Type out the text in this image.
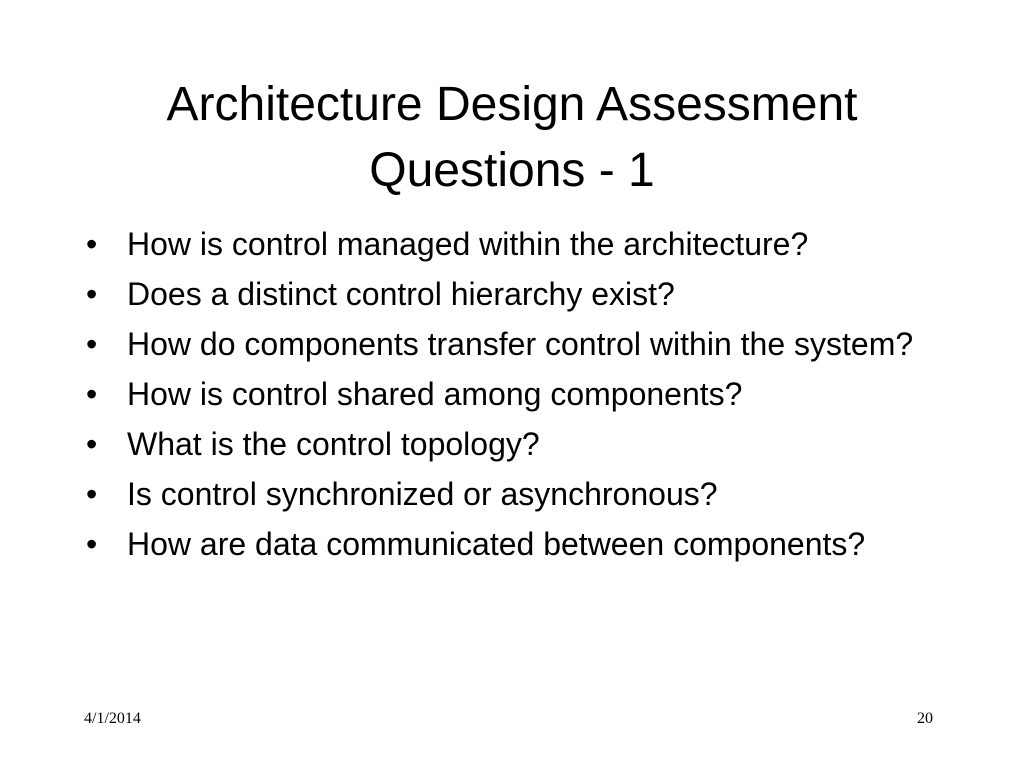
Architecture Design Assessment
Questions - 1
• How is control managed within the architecture?
• Does a distinct control hierarchy exist?
• How do components transfer control within the system?
• How is control shared among components?
• What is the control topology?
• Is control synchronized or asynchronous?
• How are data communicated between components?
4/1/2014	20
